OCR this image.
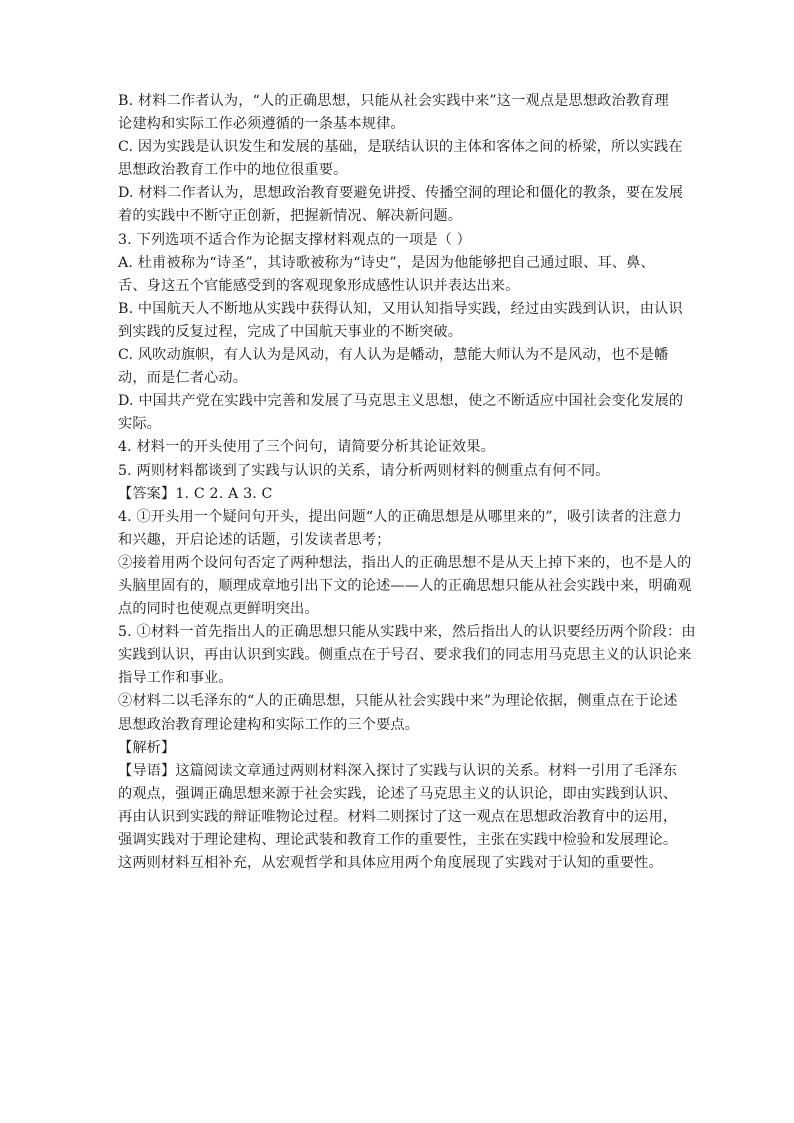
B. 材料二作者认为，“人的正确思想，只能从社会实践中来”这一观点是思想政治教育理
论建构和实际工作必须遵循的一条基本规律。
C. 因为实践是认识发生和发展的基础，是联结认识的主体和客体之间的桥梁，所以实践在
思想政治教育工作中的地位很重要。
D. 材料二作者认为，思想政治教育要避免讲授、传播空洞的理论和僵化的教条，要在发展
着的实践中不断守正创新，把握新情况、解决新问题。
3. 下列选项不适合作为论据支撑材料观点的一项是（ ）
A. 杜甫被称为“诗圣”，其诗歌被称为“诗史”，是因为他能够把自己通过眼、耳、鼻、
舌、身这五个官能感受到的客观现象形成感性认识并表达出来。
B. 中国航天人不断地从实践中获得认知，又用认知指导实践，经过由实践到认识，由认识
到实践的反复过程，完成了中国航天事业的不断突破。
C. 风吹动旗帜，有人认为是风动，有人认为是幡动，慧能大师认为不是风动，也不是幡
动，而是仁者心动。
D. 中国共产党在实践中完善和发展了马克思主义思想，使之不断适应中国社会变化发展的
实际。
4. 材料一的开头使用了三个问句，请简要分析其论证效果。
5. 两则材料都谈到了实践与认识的关系，请分析两则材料的侧重点有何不同。
【答案】1. C 2. A 3. C
4. ①开头用一个疑问句开头，提出问题“人的正确思想是从哪里来的”，吸引读者的注意力
和兴趣，开启论述的话题，引发读者思考；
②接着用两个设问句否定了两种想法，指出人的正确思想不是从天上掉下来的，也不是人的
头脑里固有的，顺理成章地引出下文的论述——人的正确思想只能从社会实践中来，明确观
点的同时也使观点更鲜明突出。
5. ①材料一首先指出人的正确思想只能从实践中来，然后指出人的认识要经历两个阶段：由
实践到认识，再由认识到实践。侧重点在于号召、要求我们的同志用马克思主义的认识论来
指导工作和事业。
②材料二以毛泽东的“人的正确思想，只能从社会实践中来”为理论依据，侧重点在于论述
思想政治教育理论建构和实际工作的三个要点。
【解析】
【导语】这篇阅读文章通过两则材料深入探讨了实践与认识的关系。材料一引用了毛泽东
的观点，强调正确思想来源于社会实践，论述了马克思主义的认识论，即由实践到认识、
再由认识到实践的辩证唯物论过程。材料二则探讨了这一观点在思想政治教育中的运用，
强调实践对于理论建构、理论武装和教育工作的重要性，主张在实践中检验和发展理论。
这两则材料互相补充，从宏观哲学和具体应用两个角度展现了实践对于认知的重要性。
